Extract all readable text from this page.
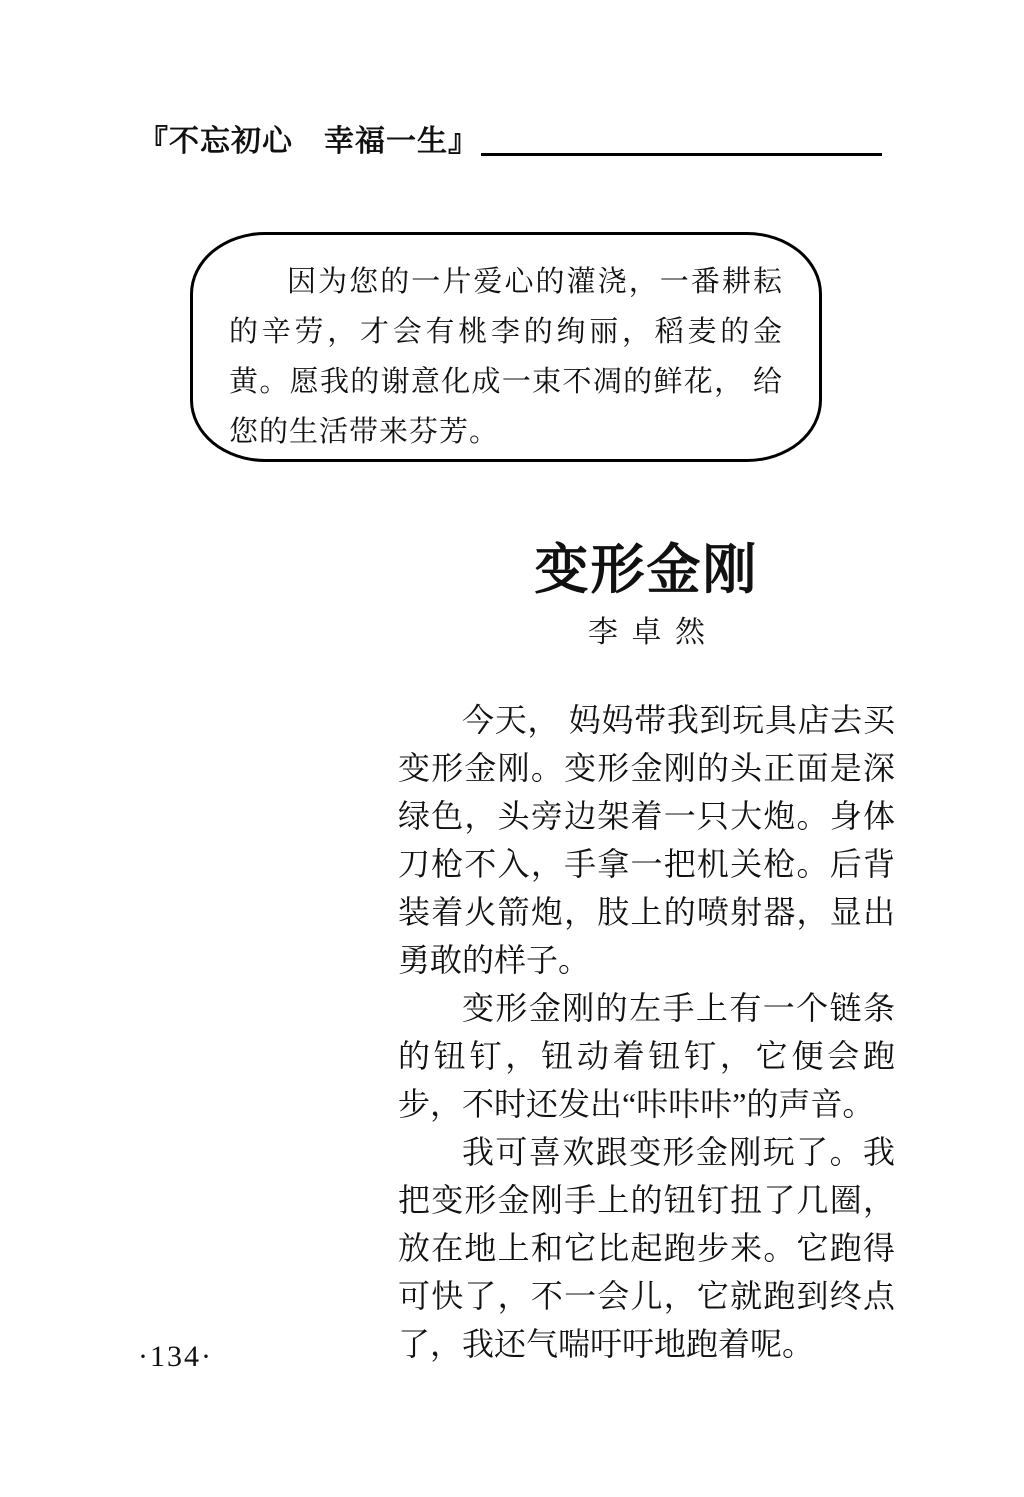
『不忘初心　幸福一生』

因为您的一片爱心的灌浇，一番耕耘的辛劳，才会有桃李的绚丽，稻麦的金黄。愿我的谢意化成一束不凋的鲜花， 给您的生活带来芬芳。

变形金刚
李卓然

今天， 妈妈带我到玩具店去买变形金刚。变形金刚的头正面是深绿色，头旁边架着一只大炮。身体刀枪不入，手拿一把机关枪。后背装着火箭炮，肢上的喷射器，显出勇敢的样子。

变形金刚的左手上有一个链条的钮钉，钮动着钮钉，它便会跑步，不时还发出“咔咔咔”的声音。

我可喜欢跟变形金刚玩了。我把变形金刚手上的钮钉扭了几圈， 放在地上和它比起跑步来。它跑得可快了，不一会儿，它就跑到终点了，我还气喘吁吁地跑着呢。

·134·
